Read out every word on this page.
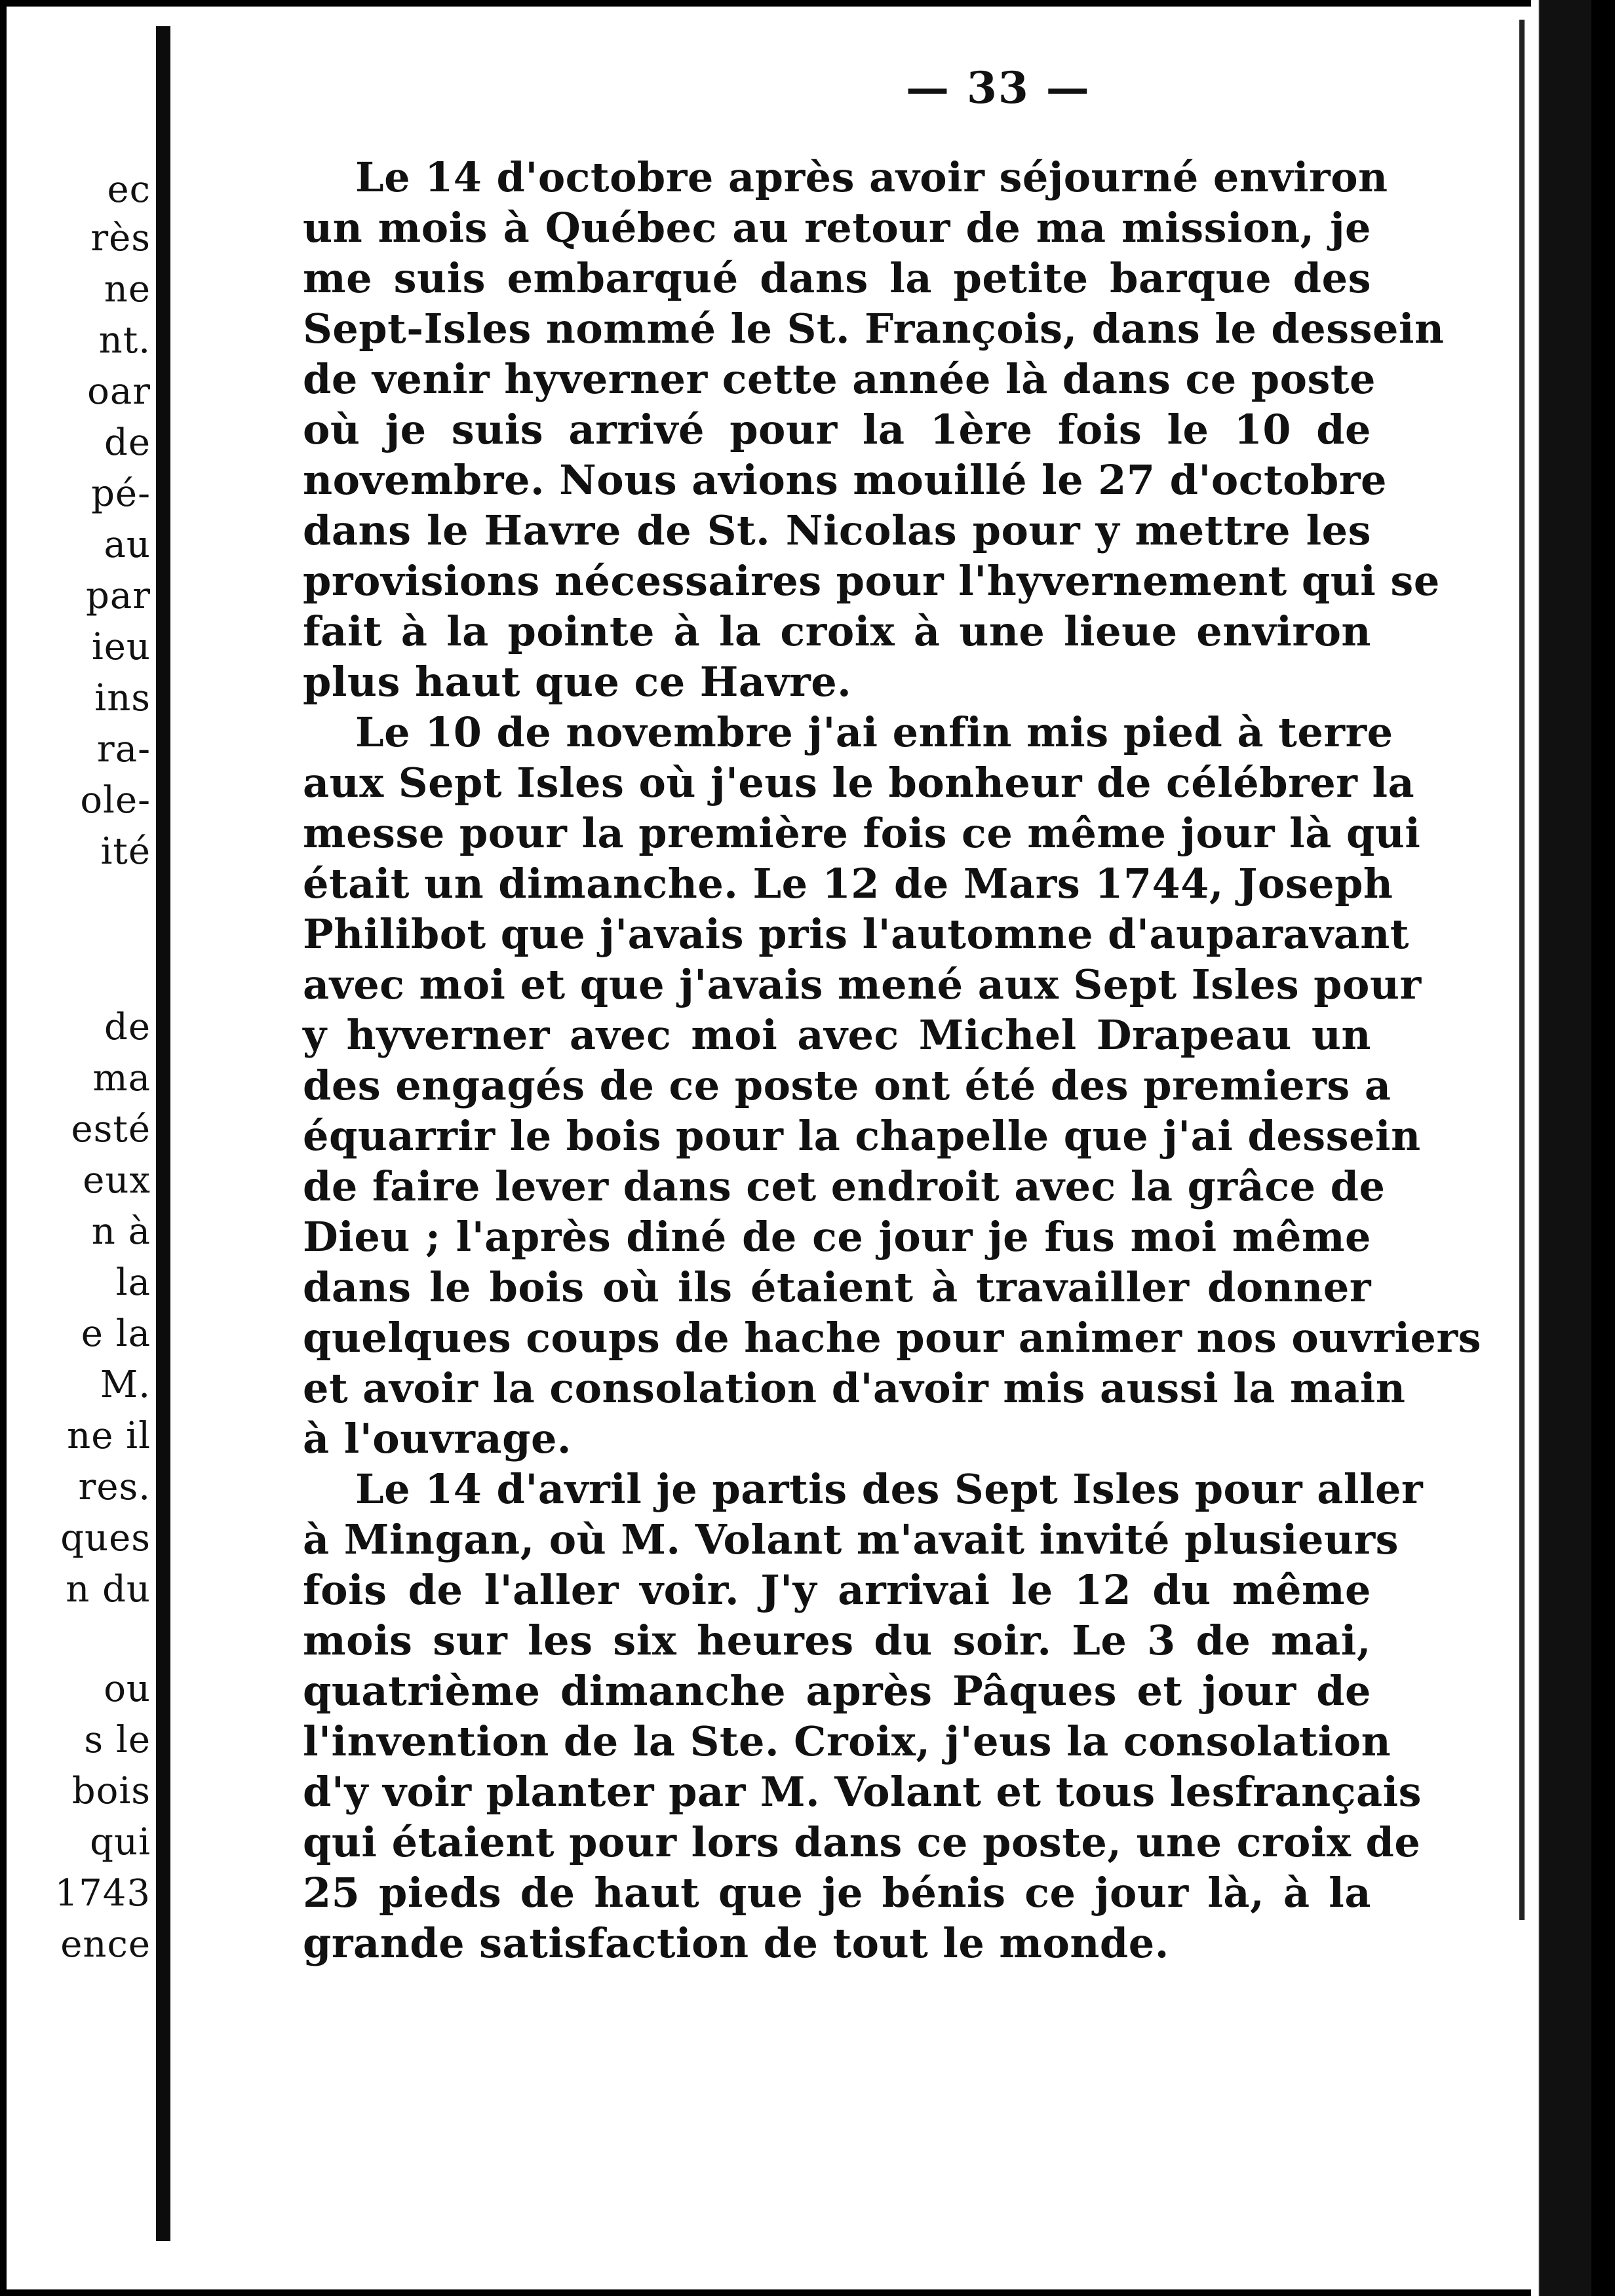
ec
rès
ne
nt.
oar
de
pé-
au
par
ieu
ins
ra-
ole-
ité
de
ma
esté
eux
n à
la
e la
M.
ne il
res.
ques
n du
ou
s le
bois
qui
1743
ence
— 33 —
Le 14 d'octobre après avoir séjourné environ
un mois à Québec au retour de ma mission, je
me suis embarqué dans la petite barque des
Sept-Isles nommé le St. François, dans le dessein
de venir hyverner cette année là dans ce poste
où je suis arrivé pour la 1ère fois le 10 de
novembre. Nous avions mouillé le 27 d'octobre
dans le Havre de St. Nicolas pour y mettre les
provisions nécessaires pour l'hyvernement qui se
fait à la pointe à la croix à une lieue environ
plus haut que ce Havre.
Le 10 de novembre j'ai enfin mis pied à terre
aux Sept Isles où j'eus le bonheur de célébrer la
messe pour la première fois ce même jour là qui
était un dimanche. Le 12 de Mars 1744, Joseph
Philibot que j'avais pris l'automne d'auparavant
avec moi et que j'avais mené aux Sept Isles pour
y hyverner avec moi avec Michel Drapeau un
des engagés de ce poste ont été des premiers a
équarrir le bois pour la chapelle que j'ai dessein
de faire lever dans cet endroit avec la grâce de
Dieu ; l'après diné de ce jour je fus moi même
dans le bois où ils étaient à travailler donner
quelques coups de hache pour animer nos ouvriers
et avoir la consolation d'avoir mis aussi la main
à l'ouvrage.
Le 14 d'avril je partis des Sept Isles pour aller
à Mingan, où M. Volant m'avait invité plusieurs
fois de l'aller voir. J'y arrivai le 12 du même
mois sur les six heures du soir. Le 3 de mai,
quatrième dimanche après Pâques et jour de
l'invention de la Ste. Croix, j'eus la consolation
d'y voir planter par M. Volant et tous lesfrançais
qui étaient pour lors dans ce poste, une croix de
25 pieds de haut que je bénis ce jour là, à la
grande satisfaction de tout le monde.
